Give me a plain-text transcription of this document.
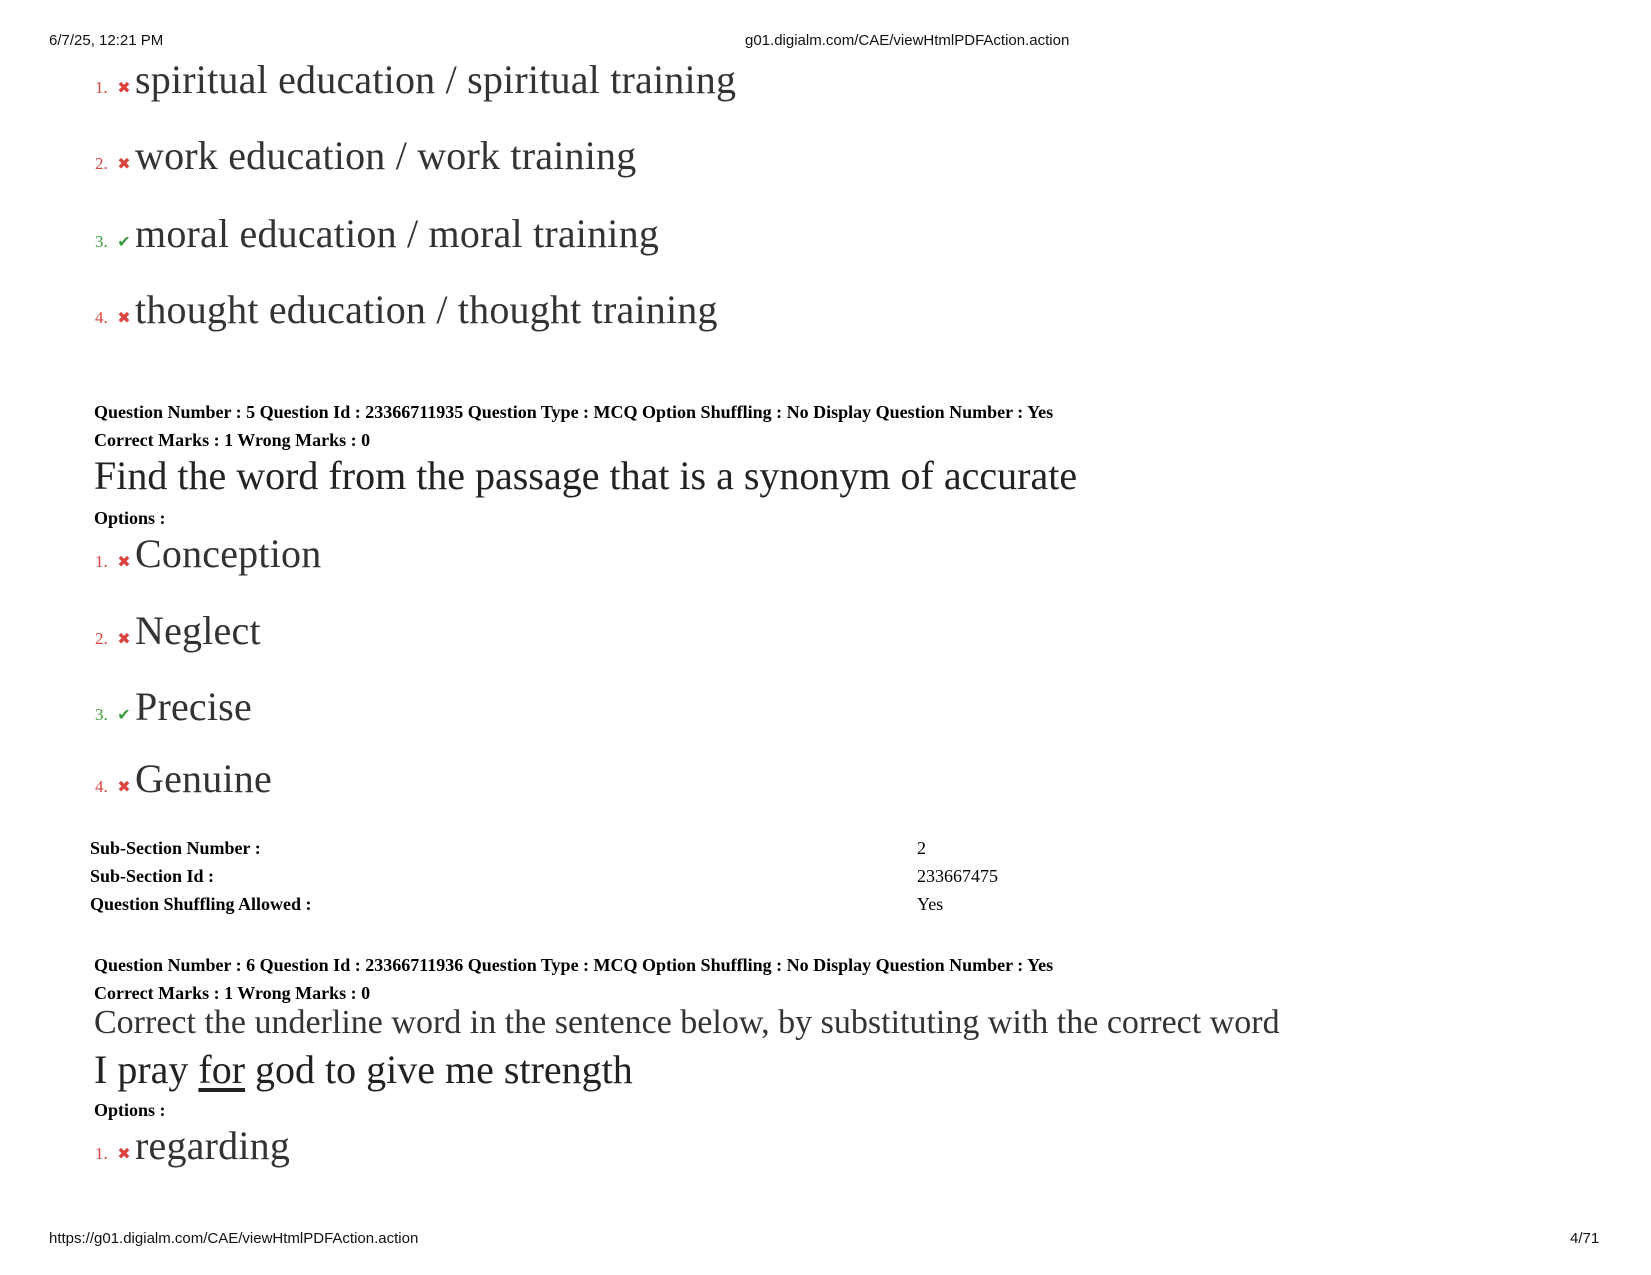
6/7/25, 12:21 PM	g01.digialm.com/CAE/viewHtmlPDFAction.action
1. ✖ spiritual education / spiritual training
2. ✖ work education / work training
3. ✔ moral education / moral training
4. ✖ thought education / thought training
Question Number : 5 Question Id : 23366711935 Question Type : MCQ Option Shuffling : No Display Question Number : Yes
Correct Marks : 1 Wrong Marks : 0
Find the word from the passage that is a synonym of accurate
Options :
1. ✖ Conception
2. ✖ Neglect
3. ✔ Precise
4. ✖ Genuine
Sub-Section Number :	2
Sub-Section Id :	233667475
Question Shuffling Allowed :	Yes
Question Number : 6 Question Id : 23366711936 Question Type : MCQ Option Shuffling : No Display Question Number : Yes
Correct Marks : 1 Wrong Marks : 0
Correct the underline word in the sentence below, by substituting with the correct word
I pray for god to give me strength
Options :
1. ✖ regarding
https://g01.digialm.com/CAE/viewHtmlPDFAction.action	4/71
